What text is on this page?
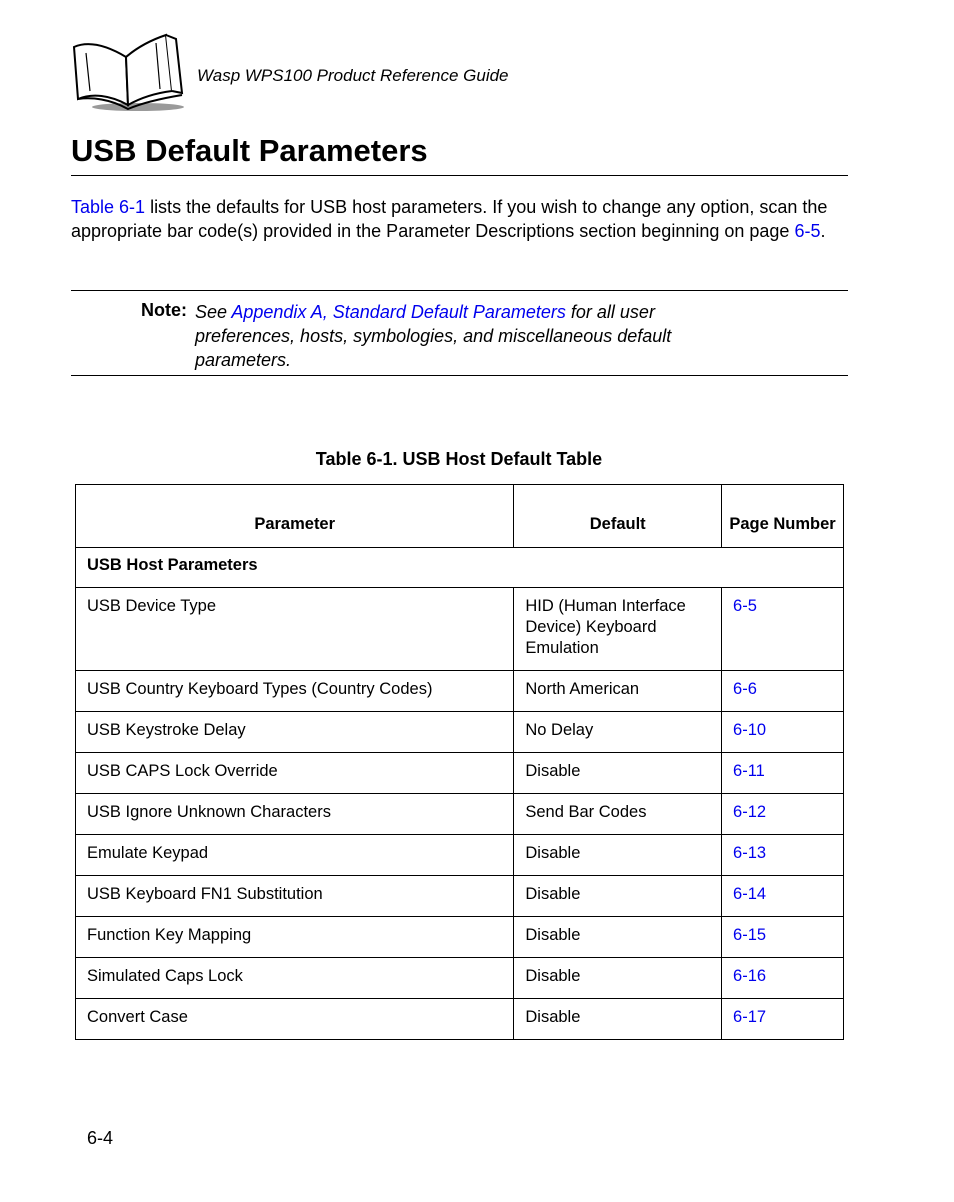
Wasp WPS100 Product Reference Guide
USB Default Parameters

Table 6-1 lists the defaults for USB host parameters. If you wish to change any option, scan the appropriate bar code(s) provided in the Parameter Descriptions section beginning on page 6-5.

Note: See Appendix A, Standard Default Parameters for all user preferences, hosts, symbologies, and miscellaneous default parameters.

Table 6-1. USB Host Default Table
Parameter	Default	Page Number
USB Host Parameters		
USB Device Type	HID (Human Interface Device) Keyboard Emulation	6-5
USB Country Keyboard Types (Country Codes)	North American	6-6
USB Keystroke Delay	No Delay	6-10
USB CAPS Lock Override	Disable	6-11
USB Ignore Unknown Characters	Send Bar Codes	6-12
Emulate Keypad	Disable	6-13
USB Keyboard FN1 Substitution	Disable	6-14
Function Key Mapping	Disable	6-15
Simulated Caps Lock	Disable	6-16
Convert Case	Disable	6-17
6-4
